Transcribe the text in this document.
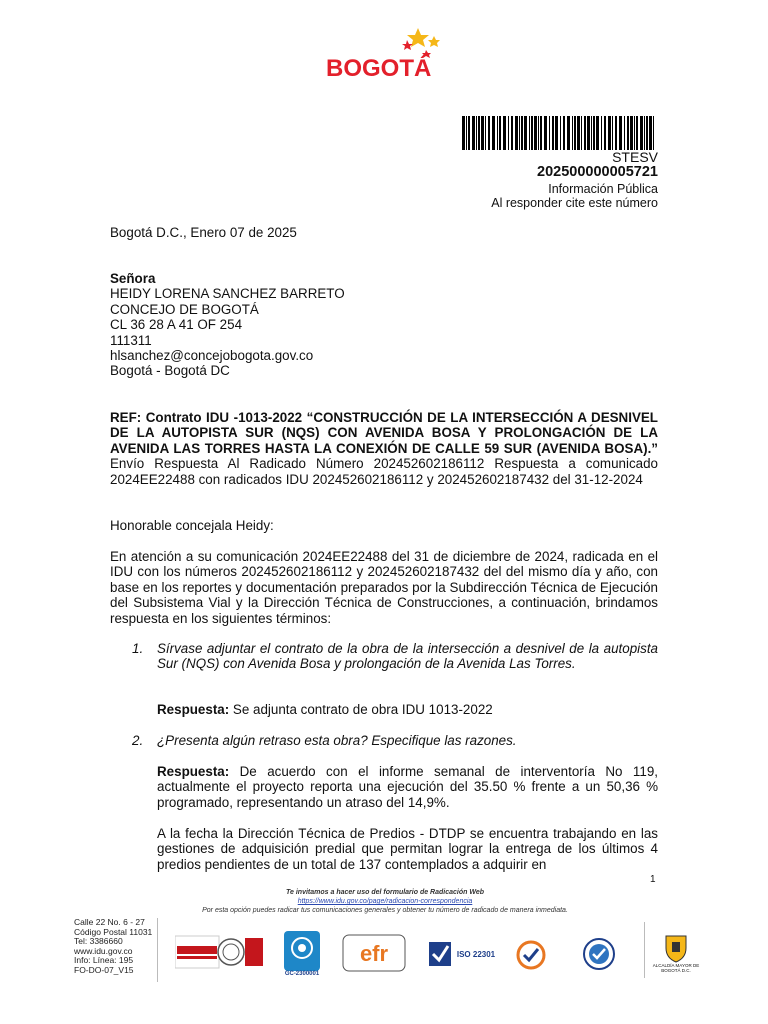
BOGOTÁ
STESV
202500000005721
Información Pública
Al responder cite este número
Bogotá D.C., Enero 07 de 2025
Señora
HEIDY LORENA SANCHEZ BARRETO
CONCEJO DE BOGOTÁ
CL 36 28 A 41 OF 254
111311
hlsanchez@concejobogota.gov.co
Bogotá - Bogotá DC
REF: Contrato IDU -1013-2022 “CONSTRUCCIÓN DE LA INTERSECCIÓN A DESNIVEL DE LA AUTOPISTA SUR (NQS) CON AVENIDA BOSA Y PROLONGACIÓN DE LA AVENIDA LAS TORRES HASTA LA CONEXIÓN DE CALLE 59 SUR (AVENIDA BOSA).” Envío Respuesta Al Radicado Número 202452602186112 Respuesta a comunicado 2024EE22488 con radicados IDU 202452602186112 y 202452602187432 del 31-12-2024
Honorable concejala Heidy:
En atención a su comunicación 2024EE22488 del 31 de diciembre de 2024, radicada en el IDU con los números 202452602186112 y 202452602187432 del del mismo día y año, con base en los reportes y documentación preparados por la Subdirección Técnica de Ejecución del Subsistema Vial y la Dirección Técnica de Construcciones, a continuación, brindamos respuesta en los siguientes términos:
1.	Sírvase adjuntar el contrato de la obra de la intersección a desnivel de la autopista Sur (NQS) con Avenida Bosa y prolongación de la Avenida Las Torres.
Respuesta: Se adjunta contrato de obra IDU 1013-2022
2.	¿Presenta algún retraso esta obra? Especifique las razones.
Respuesta: De acuerdo con el informe semanal de interventoría No 119, actualmente el proyecto reporta una ejecución del 35.50 % frente a un 50,36 % programado, representando un atraso del 14,9%.
A la fecha la Dirección Técnica de Predios - DTDP se encuentra trabajando en las gestiones de adquisición predial que permitan lograr la entrega de los últimos 4 predios pendientes de un total de 137 contemplados a adquirir en
1
Te invitamos a hacer uso del formulario de Radicación Web
https://www.idu.gov.co/page/radicacion-correspondencia
Por esta opción puedes radicar tus comunicaciones generales y obtener tu número de radicado de manera inmediata.
Calle 22 No. 6 - 27
Código Postal 11031
Tel: 3386660
www.idu.gov.co
Info: Línea: 195
FO-DO-07_V15	GC-2300001
efr	ISO 22301
ALCALDÍA MAYOR DE BOGOTÁ D.C.
